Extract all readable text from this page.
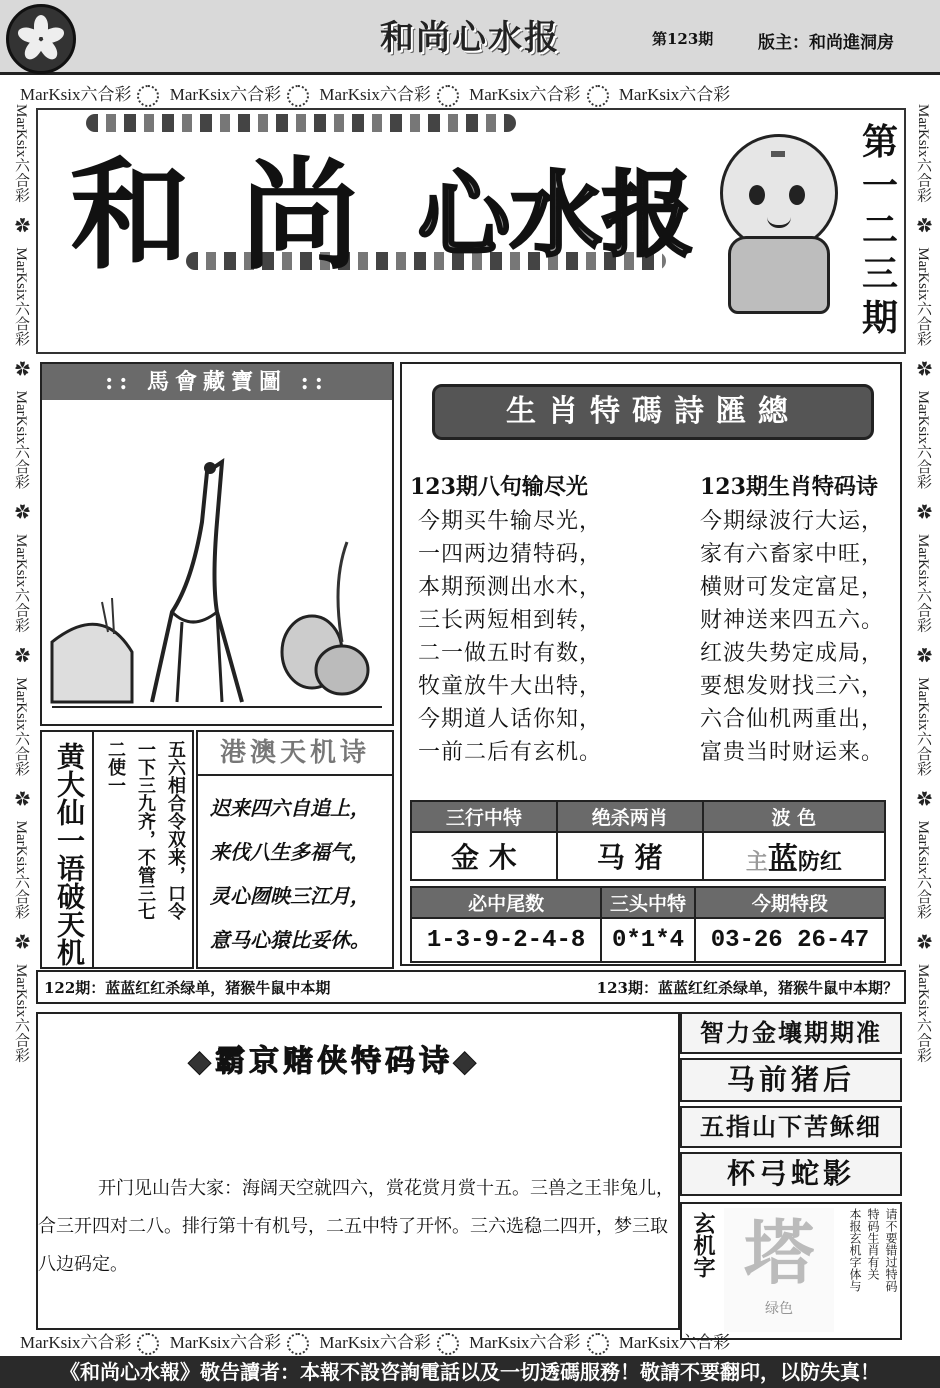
和尚心水报	第123期	版主：和尚進洞房
MarKsix六合彩 MarKsix六合彩 MarKsix六合彩 MarKsix六合彩 MarKsix六合彩
MarKsix六合彩 MarKsix六合彩 MarKsix六合彩 MarKsix六合彩 MarKsix六合彩
MarKsix六合彩　✿　MarKsix六合彩　✿　MarKsix六合彩　✿　MarKsix六合彩　✿　MarKsix六合彩　✿　MarKsix六合彩　✿　MarKsix六合彩
MarKsix六合彩　✿　MarKsix六合彩　✿　MarKsix六合彩　✿　MarKsix六合彩　✿　MarKsix六合彩　✿　MarKsix六合彩　✿　MarKsix六合彩
和 尚 心水报
第
一
二
三
期
:: 馬會藏寶圖 ::
生肖特碼詩匯總
123期八句输尽光
今期买牛输尽光，
一四两边猜特码，
本期预测出水木，
三长两短相到转，
二一做五时有数，
牧童放牛大出特，
今期道人话你知，
一前二后有玄机。
123期生肖特码诗
今期绿波行大运，
家有六畜家中旺，
横财可发定富足，
财神送来四五六。
红波失势定成局，
要想发财找三六，
六合仙机两重出，
富贵当时财运来。
三行中特	绝杀两肖	波 色
金 木	马 猪	主蓝防红
必中尾数	三头中特	今期特段
1-3-9-2-4-8	0*1*4	03-26 26-47
黄大仙一语破天机	五六相合令双来，口令
一下三九齐，不管三七
二使一	港澳天机诗
迟来四六自追上，
来伐八生多福气，
灵心囫映三江月，
意马心猿比妥休。
122期：蓝蓝红红杀绿单，猪猴牛鼠中本期	123期：蓝蓝红红杀绿单，猪猴牛鼠中本期？
◆霸京赌侠特码诗◆
开门见山告大家：海阔天空就四六，赏花赏月赏十五。三兽之王非兔儿，合三开四对二八。排行第十有机号，二五中特了开怀。三六选稳二四开，梦三取八边码定。
智力金壤期期准
马前猪后
五指山下苦稣细
杯弓蛇影
玄机字 塔
绿色
请不要错过特码
特码生肖有关
本报玄机字体与
《和尚心水報》敬告讀者：本報不設咨詢電話以及一切透碼服務！敬請不要翻印，以防失真！
